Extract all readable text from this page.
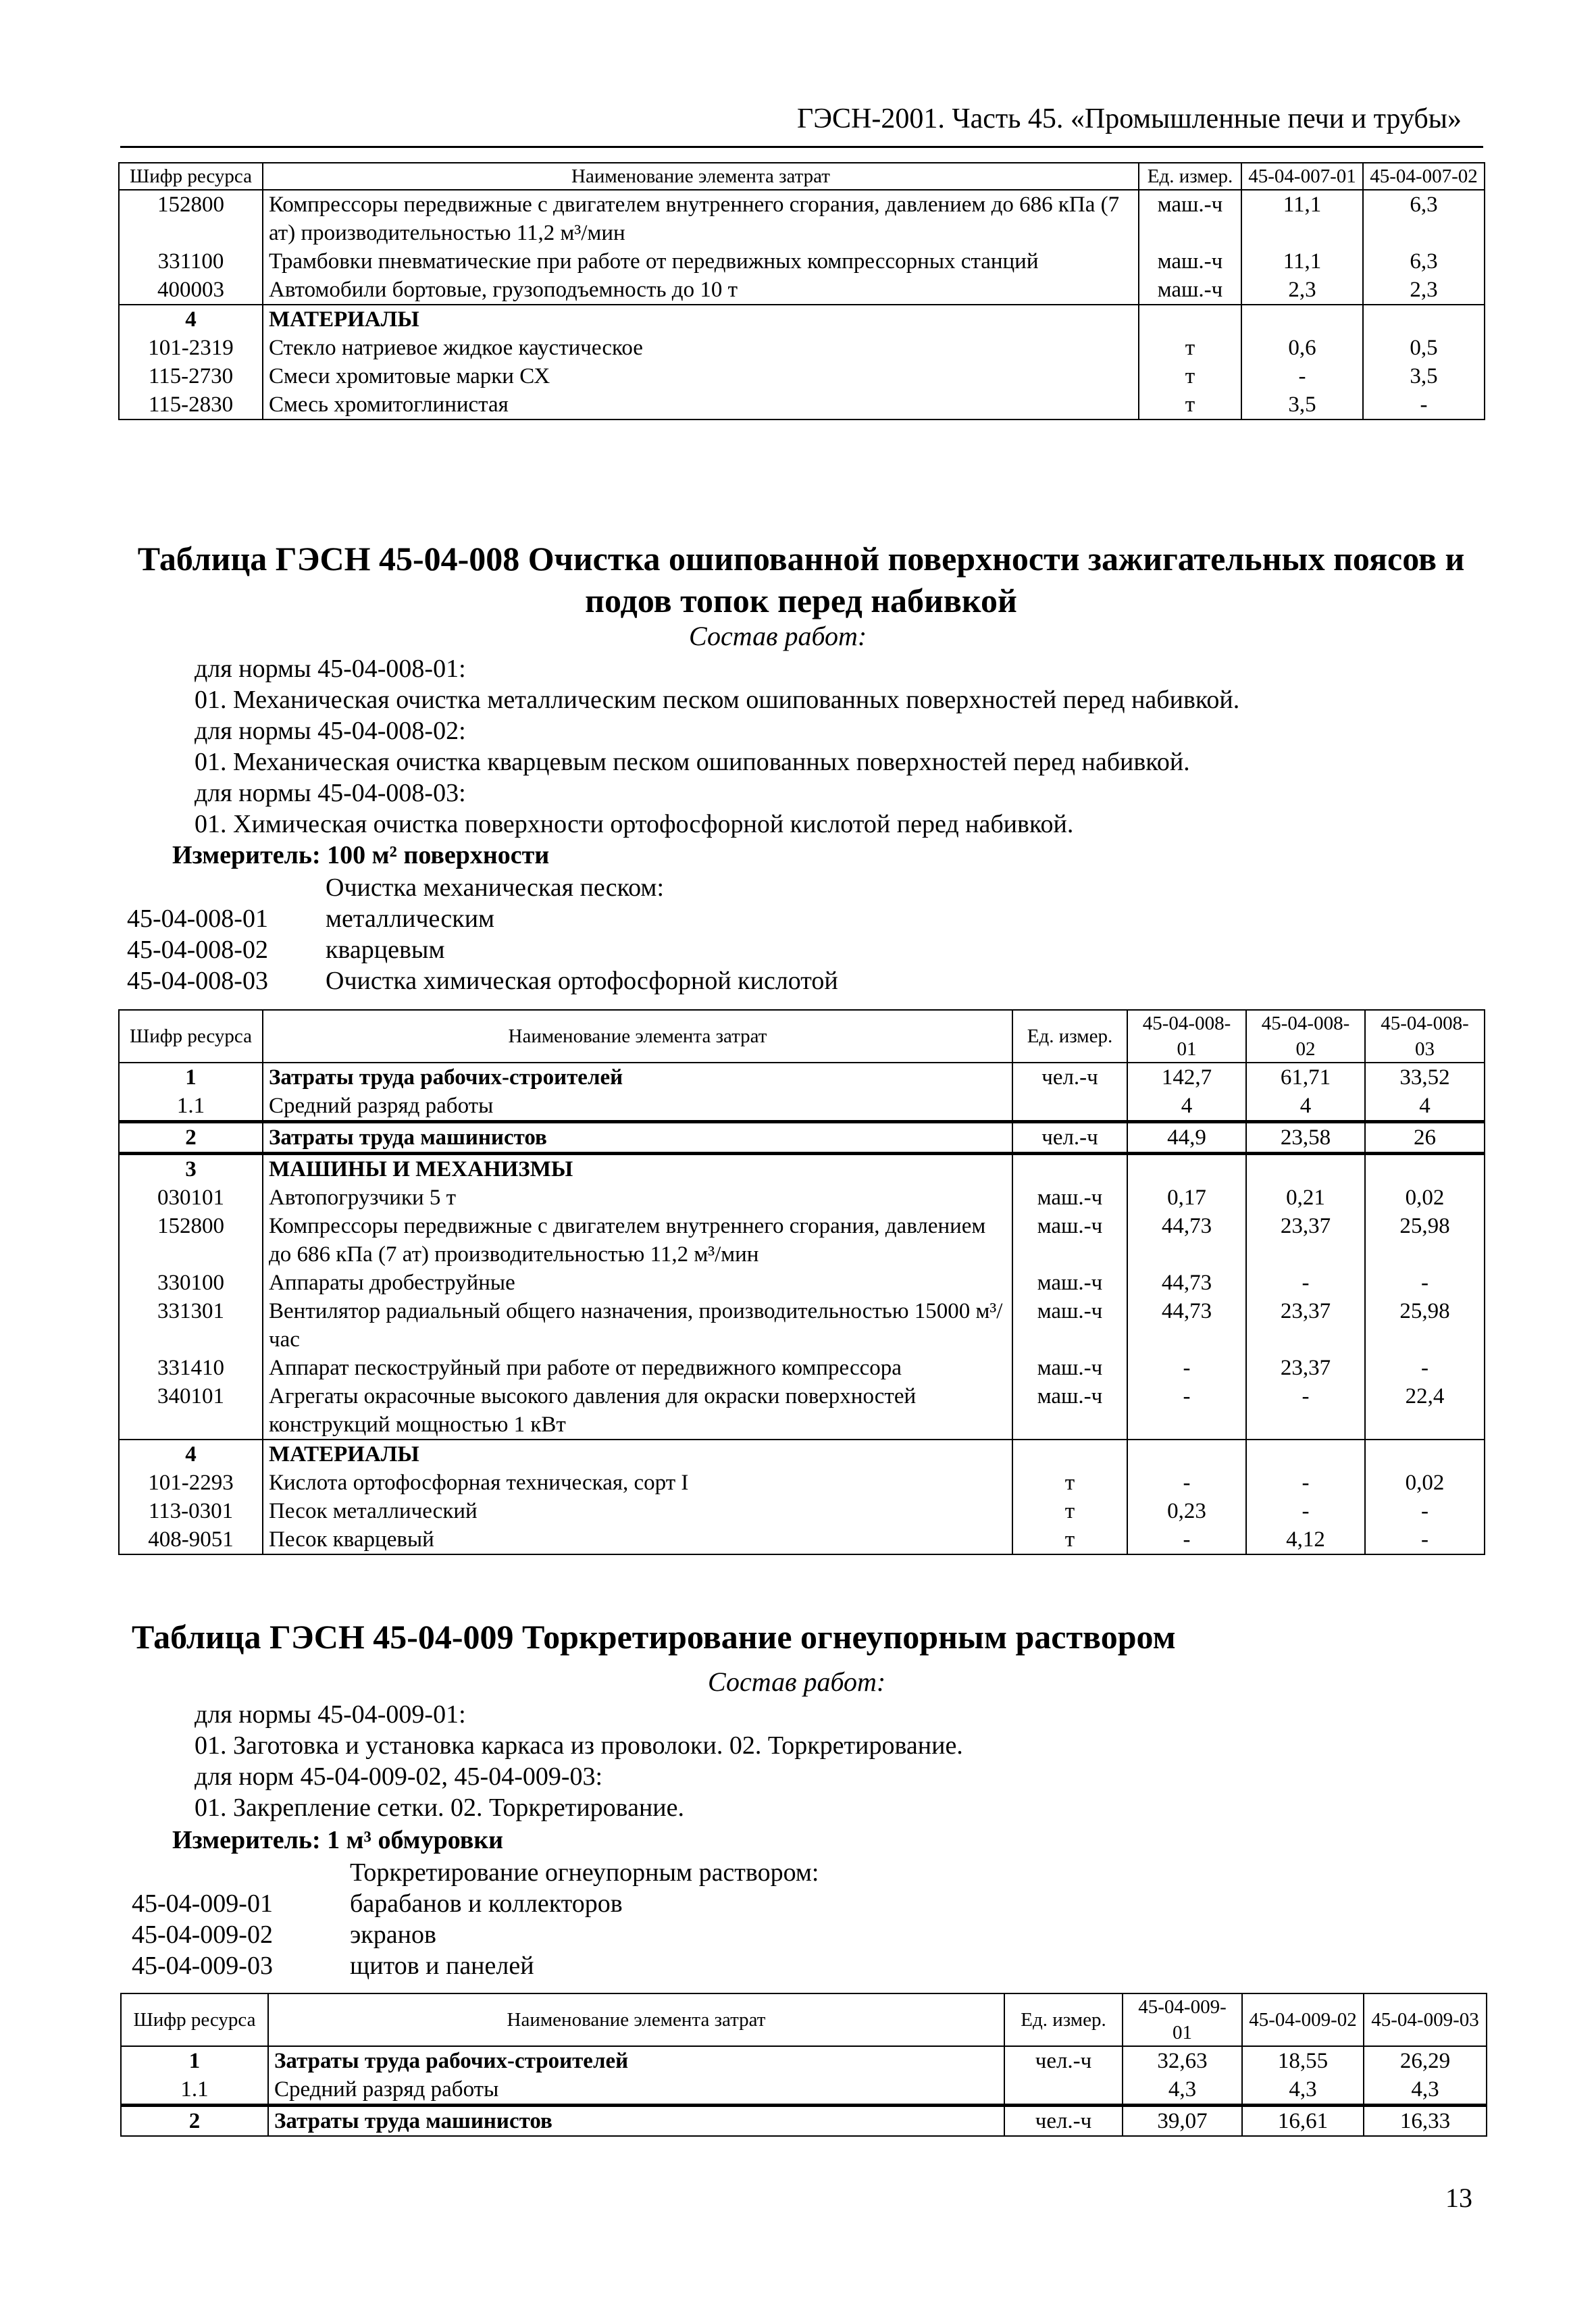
ГЭСН-2001. Часть 45. «Промышленные печи и трубы»
Шифр ресурса	Наименование элемента затрат	Ед. измер.	45-04-007-01	45-04-007-02
152800	Компрессоры передвижные с двигателем внутреннего сгорания, давлением до 686 кПа (7 ат) производительностью 11,2 м³/мин	маш.-ч	11,1	6,3
331100	Трамбовки пневматические при работе от передвижных компрессорных станций	маш.-ч	11,1	6,3
400003	Автомобили бортовые, грузоподъемность до 10 т	маш.-ч	2,3	2,3
4	МАТЕРИАЛЫ			
101-2319	Стекло натриевое жидкое каустическое	т	0,6	0,5
115-2730	Смеси хромитовые марки СХ	т	-	3,5
115-2830	Смесь хромитоглинистая	т	3,5	-
Таблица ГЭСН 45-04-008 Очистка ошипованной поверхности зажигательных поясов и подов топок перед набивкой
Состав работ:
для нормы 45-04-008-01:
01. Механическая очистка металлическим песком ошипованных поверхностей перед набивкой.
для нормы 45-04-008-02:
01. Механическая очистка кварцевым песком ошипованных поверхностей перед набивкой.
для нормы 45-04-008-03:
01. Химическая очистка поверхности ортофосфорной кислотой перед набивкой.
Измеритель: 100 м² поверхности
Очистка механическая песком:
45-04-008-01 металлическим
45-04-008-02 кварцевым
45-04-008-03 Очистка химическая ортофосфорной кислотой
Шифр ресурса	Наименование элемента затрат	Ед. измер.	45-04-008-01	45-04-008-02	45-04-008-03
1	Затраты труда рабочих-строителей	чел.-ч	142,7	61,71	33,52
1.1	Средний разряд работы		4	4	4
2	Затраты труда машинистов	чел.-ч	44,9	23,58	26
3	МАШИНЫ И МЕХАНИЗМЫ				
030101	Автопогрузчики 5 т	маш.-ч	0,17	0,21	0,02
152800	Компрессоры передвижные с двигателем внутреннего сгорания, давлением до 686 кПа (7 ат) производительностью 11,2 м³/мин	маш.-ч	44,73	23,37	25,98
330100	Аппараты дробеструйные	маш.-ч	44,73	-	-
331301	Вентилятор радиальный общего назначения, производительностью 15000 м³/час	маш.-ч	44,73	23,37	25,98
331410	Аппарат пескоструйный при работе от передвижного компрессора	маш.-ч	-	23,37	-
340101	Агрегаты окрасочные высокого давления для окраски поверхностей конструкций мощностью 1 кВт	маш.-ч	-	-	22,4
4	МАТЕРИАЛЫ				
101-2293	Кислота ортофосфорная техническая, сорт I	т	-	-	0,02
113-0301	Песок металлический	т	0,23	-	-
408-9051	Песок кварцевый	т	-	4,12	-
Таблица ГЭСН 45-04-009 Торкретирование огнеупорным раствором
Состав работ:
для нормы 45-04-009-01:
01. Заготовка и установка каркаса из проволоки. 02. Торкретирование.
для норм 45-04-009-02, 45-04-009-03:
01. Закрепление сетки. 02. Торкретирование.
Измеритель: 1 м³ обмуровки
Торкретирование огнеупорным раствором:
45-04-009-01	барабанов и коллекторов
45-04-009-02	экранов
45-04-009-03	щитов и панелей
Шифр ресурса	Наименование элемента затрат	Ед. измер.	45-04-009-01	45-04-009-02	45-04-009-03
1	Затраты труда рабочих-строителей	чел.-ч	32,63	18,55	26,29
1.1	Средний разряд работы		4,3	4,3	4,3
2	Затраты труда машинистов	чел.-ч	39,07	16,61	16,33
13
